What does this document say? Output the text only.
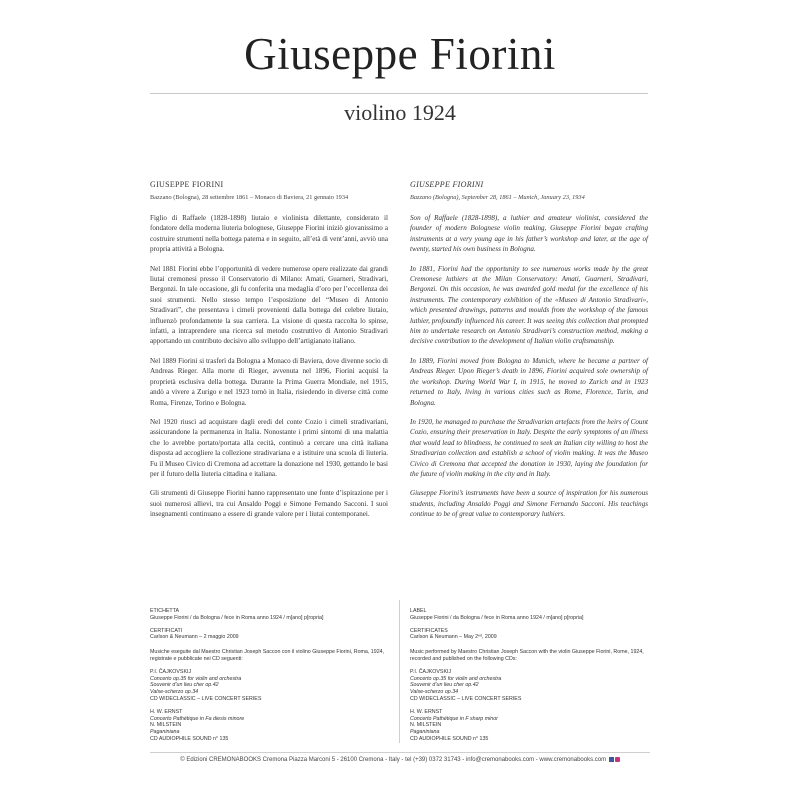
Giuseppe Fiorini
violino 1924

GIUSEPPE FIORINI

Bazzano (Bologna), 28 settembre 1861 – Monaco di Baviera, 21 gennaio 1934

Figlio di Raffaele (1828-1898) liutaio e violinista dilettante, considerato il fondatore della moderna liuteria bolognese, Giuseppe Fiorini iniziò giovanissimo a costruire strumenti nella bottega paterna e in seguito, all’età di vent’anni, avviò una propria attività a Bologna.

Nel 1881 Fiorini ebbe l’opportunità di vedere numerose opere realizzate dai grandi liutai cremonesi presso il Conservatorio di Milano: Amati, Guarneri, Stradivari, Bergonzi. In tale occasione, gli fu conferita una medaglia d’oro per l’eccellenza dei suoi strumenti. Nello stesso tempo l’esposizione del “Museo di Antonio Stradivari”, che presentava i cimeli provenienti dalla bottega del celebre liutaio, influenzò profondamente la sua carriera. La visione di questa raccolta lo spinse, infatti, a intraprendere una ricerca sul metodo costruttivo di Antonio Stradivari apportando un contributo decisivo allo sviluppo dell’artigianato italiano.

Nel 1889 Fiorini si trasferì da Bologna a Monaco di Baviera, dove divenne socio di Andreas Rieger. Alla morte di Rieger, avvenuta nel 1896, Fiorini acquisì la proprietà esclusiva della bottega. Durante la Prima Guerra Mondiale, nel 1915, andò a vivere a Zurigo e nel 1923 tornò in Italia, risiedendo in diverse città come Roma, Firenze, Torino e Bologna.

Nel 1920 riuscì ad acquistare dagli eredi del conte Cozio i cimeli stradivariani, assicurandone la permanenza in Italia. Nonostante i primi sintomi di una malattia che lo avrebbe portato/portata alla cecità, continuò a cercare una città italiana disposta ad accogliere la collezione stradivariana e a istituire una scuola di liuteria. Fu il Museo Civico di Cremona ad accettare la donazione nel 1930, gettando le basi per il futuro della liuteria cittadina e italiana.

Gli strumenti di Giuseppe Fiorini hanno rappresentato une fonte d’ispirazione per i suoi numerosi allievi, tra cui Ansaldo Poggi e Simone Fernando Sacconi. I suoi insegnamenti continuano a essere di grande valore per i liutai contemporanei.

GIUSEPPE FIORINI

Bazzano (Bologna), September 28, 1861 – Munich, January 23, 1934

Son of Raffaele (1828-1898), a luthier and amateur violinist, considered the founder of modern Bolognese violin making, Giuseppe Fiorini began crafting instruments at a very young age in his father’s workshop and later, at the age of twenty, started his own business in Bologna.

In 1881, Fiorini had the opportunity to see numerous works made by the great Cremonese luthiers at the Milan Conservatory: Amati, Guarneri, Stradivari, Bergonzi. On this occasion, he was awarded gold medal for the excellence of his instruments. The contemporary exhibition of the «Museo di Antonio Stradivari», which presented drawings, patterns and moulds from the workshop of the famous luthier, profoundly influenced his career. It was seeing this collection that prompted him to undertake research on Antonio Stradivari’s construction method, making a decisive contribution to the development of Italian violin craftsmanship.

In 1889, Fiorini moved from Bologna to Munich, where he became a partner of Andreas Rieger. Upon Rieger’s death in 1896, Fiorini acquired sole ownership of the workshop. During World War I, in 1915, he moved to Zurich and in 1923 returned to Italy, living in various cities such as Rome, Florence, Turin, and Bologna.

In 1920, he managed to purchase the Stradivarian artefacts from the heirs of Count Cozio, ensuring their preservation in Italy. Despite the early symptoms of an illness that would lead to blindness, he continued to seek an Italian city willing to host the Stradivarian collection and establish a school of violin making. It was the Museo Civico di Cremona that accepted the donation in 1930, laying the foundation for the future of violin making in the city and in Italy.

Giuseppe Fiorini’s instruments have been a source of inspiration for his numerous students, including Ansaldo Poggi and Simone Fernando Sacconi. His teachings continue to be of great value to contemporary luthiers.

ETICHETTA

Giuseppe Fiorini / da Bologna / fece in Roma anno 1924 / m[ano] p[ropria]

CERTIFICATI

Carlson & Neumann – 2 maggio 2009

Musiche eseguite dal Maestro Christian Joseph Saccon con il violino Giuseppe Fiorini, Roma, 1924, registrate e pubblicate nei CD seguenti:

P.I. ČAJKOVSKIJ

Concerto op.35 for violin and orchestra

Souvenir d’un lieu cher op.42

Valse-scherzo op.34

CD WIDECLASSIC – LIVE CONCERT SERIES

H. W. ERNST

Concerto Pathétique in Fa diesis minore

N. MILSTEIN

Paganiniana

CD AUDIOPHILE SOUND n° 135

LABEL

Giuseppe Fiorini / da Bologna / fece in Roma anno 1924 / m[ano] p[ropria]

CERTIFICATES

Carlson & Neumann – May 2ⁿᵈ, 2009

Music performed by Maestro Christian Joseph Saccon with the violin Giuseppe Fiorini, Rome, 1924, recorded and published on the following CDs:

P.I. ČAJKOVSKIJ

Concerto op.35 for violin and orchestra

Souvenir d’un lieu cher op.42

Valse-scherzo op.34

CD WIDECLASSIC – LIVE CONCERT SERIES

H. W. ERNST

Concerto Pathétique in F sharp minor

N. MILSTEIN

Paganiniana

CD AUDIOPHILE SOUND n° 135

© Edizioni CREMONABOOKS Cremona Piazza Marconi 5 - 26100 Cremona - Italy - tel (+39) 0372 31743 - info@cremonabooks.com - www.cremonabooks.com
